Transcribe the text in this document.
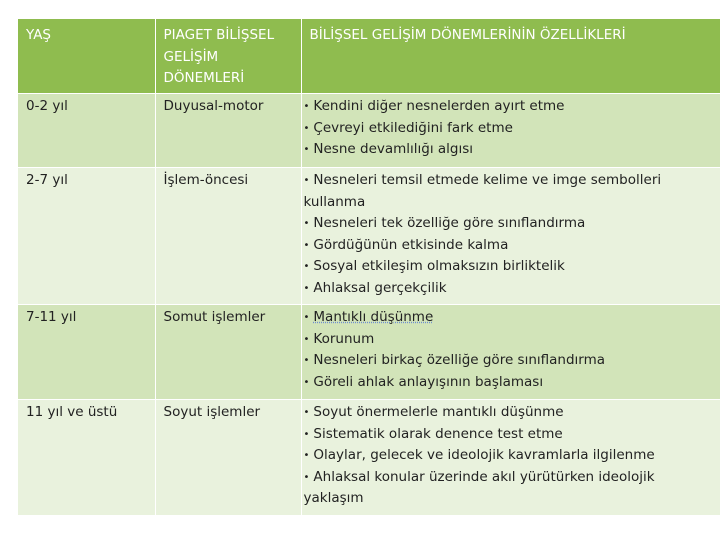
YAŞ	PIAGET BİLİŞSEL GELİŞİM DÖNEMLERİ	BİLİŞSEL GELİŞİM DÖNEMLERİNİN ÖZELLİKLERİ
0-2 yıl	Duyusal-motor	• Kendini diğer nesnelerden ayırt etme
• Çevreyi etkilediğini fark etme
• Nesne devamlılığı algısı

2-7 yıl	İşlem-öncesi	• Nesneleri temsil etmede kelime ve imge sembolleri kullanma
• Nesneleri tek özelliğe göre sınıflandırma
• Gördüğünün etkisinde kalma
• Sosyal etkileşim olmaksızın birliktelik
• Ahlaksal gerçekçilik

7-11 yıl	Somut işlemler	• Mantıklı düşünme
• Korunum
• Nesneleri birkaç özelliğe göre sınıflandırma
• Göreli ahlak anlayışının başlaması

11 yıl ve üstü	Soyut işlemler	• Soyut önermelerle mantıklı düşünme
• Sistematik olarak denence test etme
• Olaylar, gelecek ve ideolojik kavramlarla ilgilenme
• Ahlaksal konular üzerinde akıl yürütürken ideolojik yaklaşım
